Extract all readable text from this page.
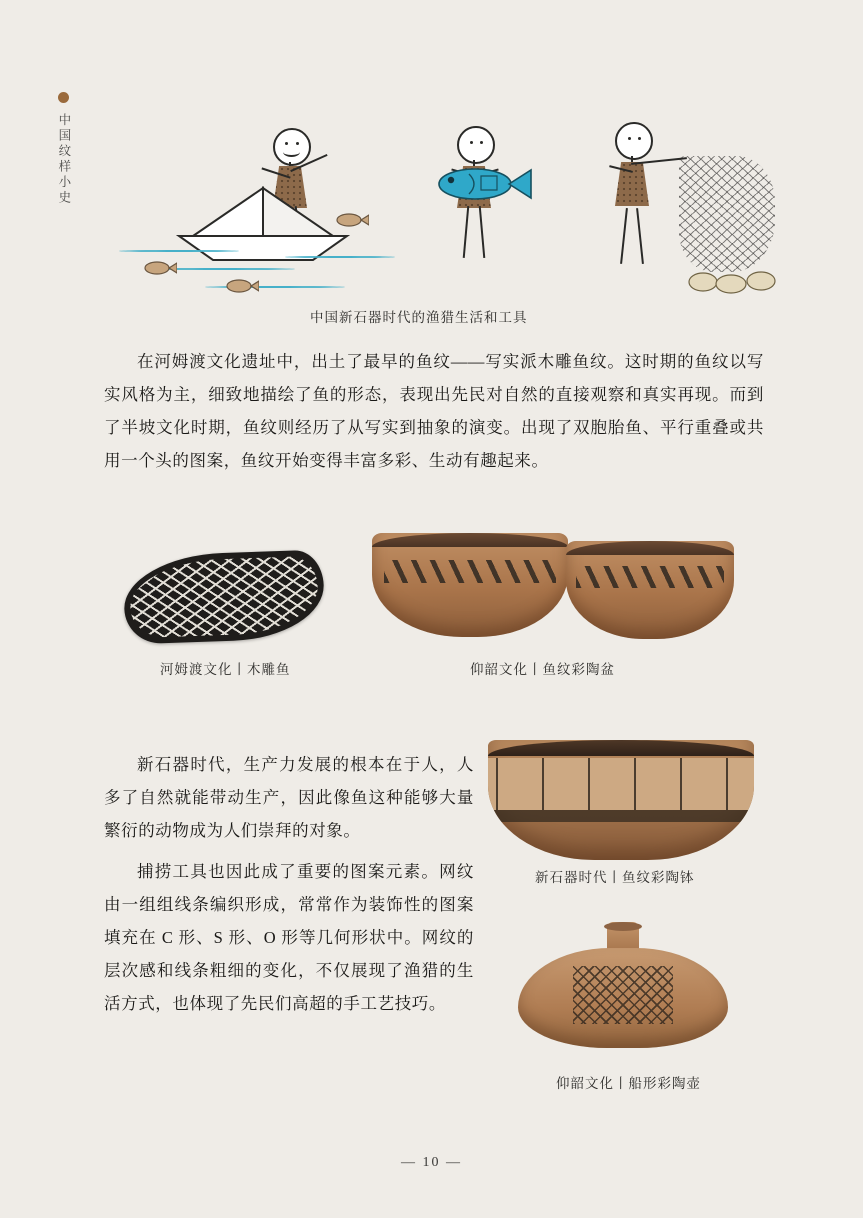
中国纹样小史
中国新石器时代的渔猎生活和工具
在河姆渡文化遗址中，出土了最早的鱼纹——写实派木雕鱼纹。这时期的鱼纹以写实风格为主，细致地描绘了鱼的形态，表现出先民对自然的直接观察和真实再现。而到了半坡文化时期，鱼纹则经历了从写实到抽象的演变。出现了双胞胎鱼、平行重叠或共用一个头的图案，鱼纹开始变得丰富多彩、生动有趣起来。
河姆渡文化丨木雕鱼	仰韶文化丨鱼纹彩陶盆
新石器时代，生产力发展的根本在于人，人多了自然就能带动生产，因此像鱼这种能够大量繁衍的动物成为人们崇拜的对象。
捕捞工具也因此成了重要的图案元素。网纹由一组组线条编织形成，常常作为装饰性的图案填充在 C 形、S 形、O 形等几何形状中。网纹的层次感和线条粗细的变化，不仅展现了渔猎的生活方式，也体现了先民们高超的手工艺技巧。
新石器时代丨鱼纹彩陶钵
仰韶文化丨船形彩陶壶
— 10 —
